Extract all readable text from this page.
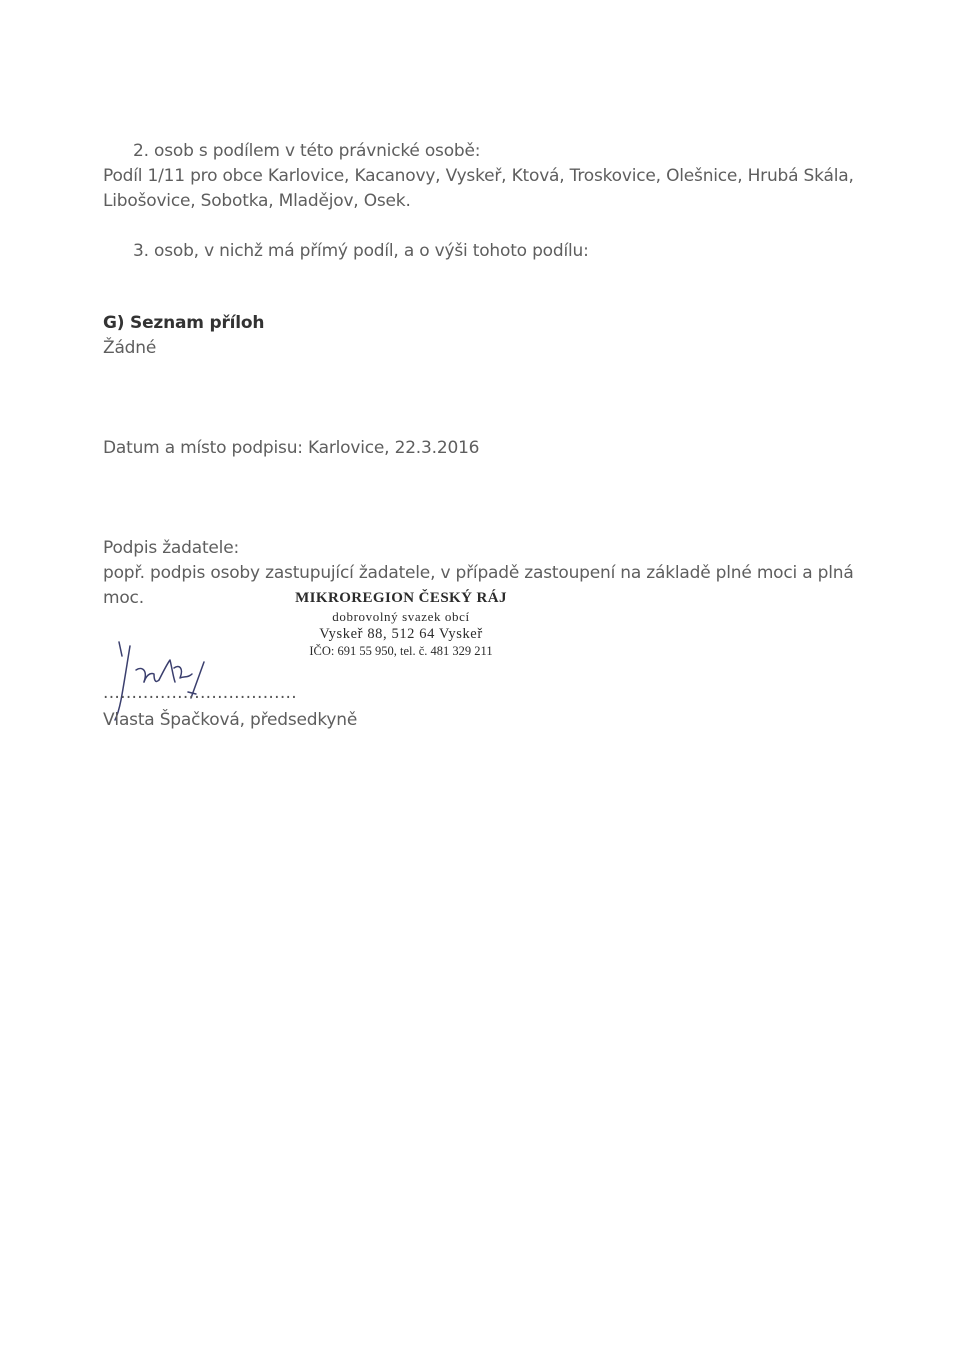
2. osob s podílem v této právnické osobě:
Podíl 1/11 pro obce Karlovice, Kacanovy, Vyskeř, Ktová, Troskovice, Olešnice, Hrubá Skála,
Libošovice, Sobotka, Mladějov, Osek.
3. osob, v nichž má přímý podíl, a o výši tohoto podílu:
G) Seznam příloh
Žádné
Datum a místo podpisu: Karlovice, 22.3.2016
Podpis žadatele:
popř. podpis osoby zastupující žadatele, v případě zastoupení na základě plné moci a plná
moc.	MIKROREGION ČESKÝ RÁJ
dobrovolný svazek obcí
Vyskeř 88, 512 64 Vyskeř
IČO: 691 55 950, tel. č. 481 329 211
..................................
Vlasta Špačková, předsedkyně
